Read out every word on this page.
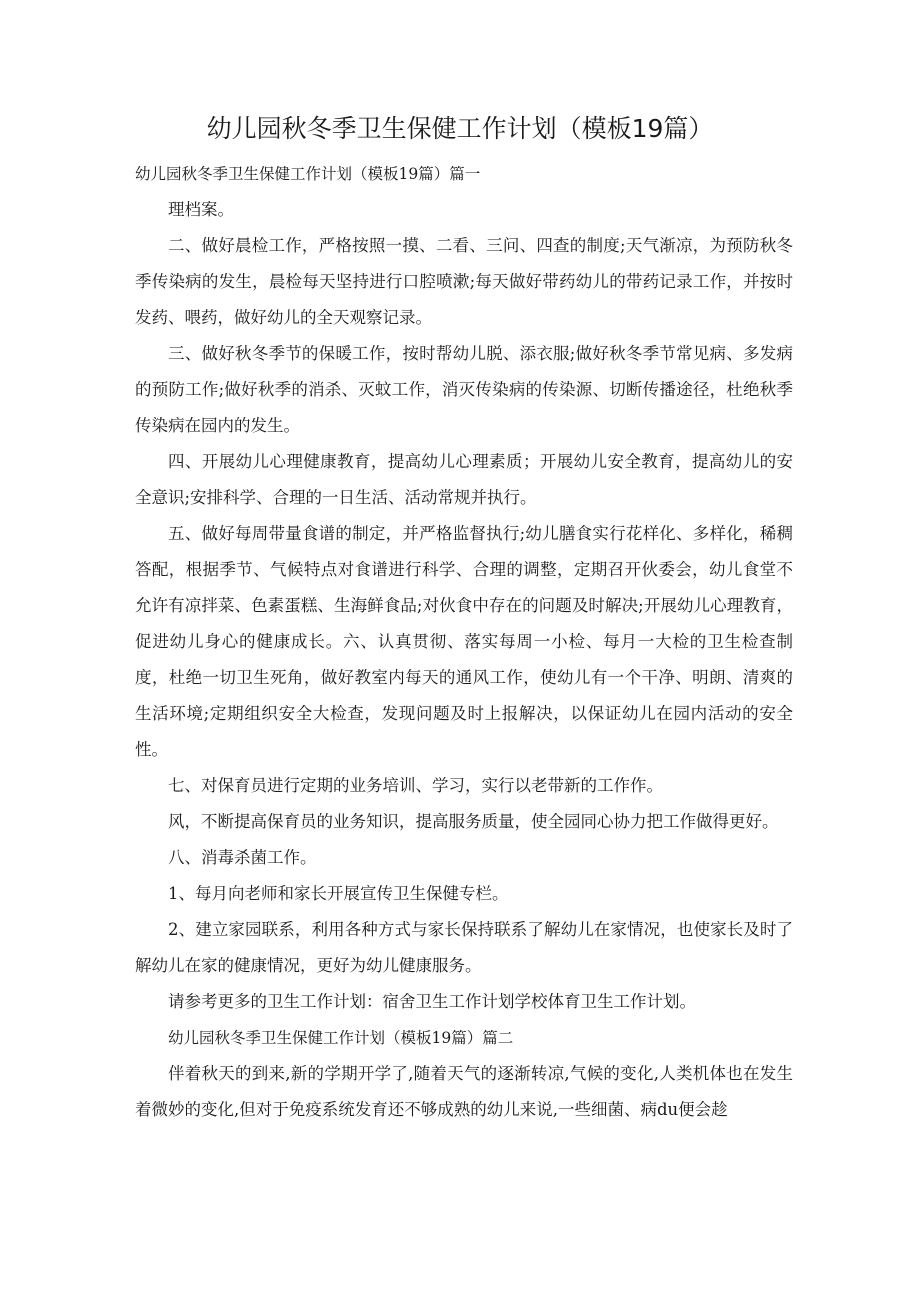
幼儿园秋冬季卫生保健工作计划（模板19篇）

幼儿园秋冬季卫生保健工作计划（模板19篇）篇一

理档案。

二、做好晨检工作，严格按照一摸、二看、三问、四查的制度;天气渐凉，为预防秋冬季传染病的发生，晨检每天坚持进行口腔喷漱;每天做好带药幼儿的带药记录工作，并按时发药、喂药，做好幼儿的全天观察记录。

三、做好秋冬季节的保暖工作，按时帮幼儿脱、添衣服;做好秋冬季节常见病、多发病的预防工作;做好秋季的消杀、灭蚊工作，消灭传染病的传染源、切断传播途径，杜绝秋季传染病在园内的发生。

四、开展幼儿心理健康教育，提高幼儿心理素质；开展幼儿安全教育，提高幼儿的安全意识;安排科学、合理的一日生活、活动常规并执行。

五、做好每周带量食谱的制定，并严格监督执行;幼儿膳食实行花样化、多样化，稀稠答配，根据季节、气候特点对食谱进行科学、合理的调整，定期召开伙委会，幼儿食堂不允许有凉拌菜、色素蛋糕、生海鲜食品;对伙食中存在的问题及时解决;开展幼儿心理教育，促进幼儿身心的健康成长。六、认真贯彻、落实每周一小检、每月一大检的卫生检查制度，杜绝一切卫生死角，做好教室内每天的通风工作，使幼儿有一个干净、明朗、清爽的生活环境;定期组织安全大检查，发现问题及时上报解决，以保证幼儿在园内活动的安全性。

七、对保育员进行定期的业务培训、学习，实行以老带新的工作作。

风，不断提高保育员的业务知识，提高服务质量，使全园同心协力把工作做得更好。

八、消毒杀菌工作。

1、每月向老师和家长开展宣传卫生保健专栏。

2、建立家园联系，利用各种方式与家长保持联系了解幼儿在家情况，也使家长及时了解幼儿在家的健康情况，更好为幼儿健康服务。

请参考更多的卫生工作计划：宿舍卫生工作计划学校体育卫生工作计划。

幼儿园秋冬季卫生保健工作计划（模板19篇）篇二

伴着秋天的到来,新的学期开学了,随着天气的逐渐转凉,气候的变化,人类机体也在发生着微妙的变化,但对于免疫系统发育还不够成熟的幼儿来说,一些细菌、病du便会趁
